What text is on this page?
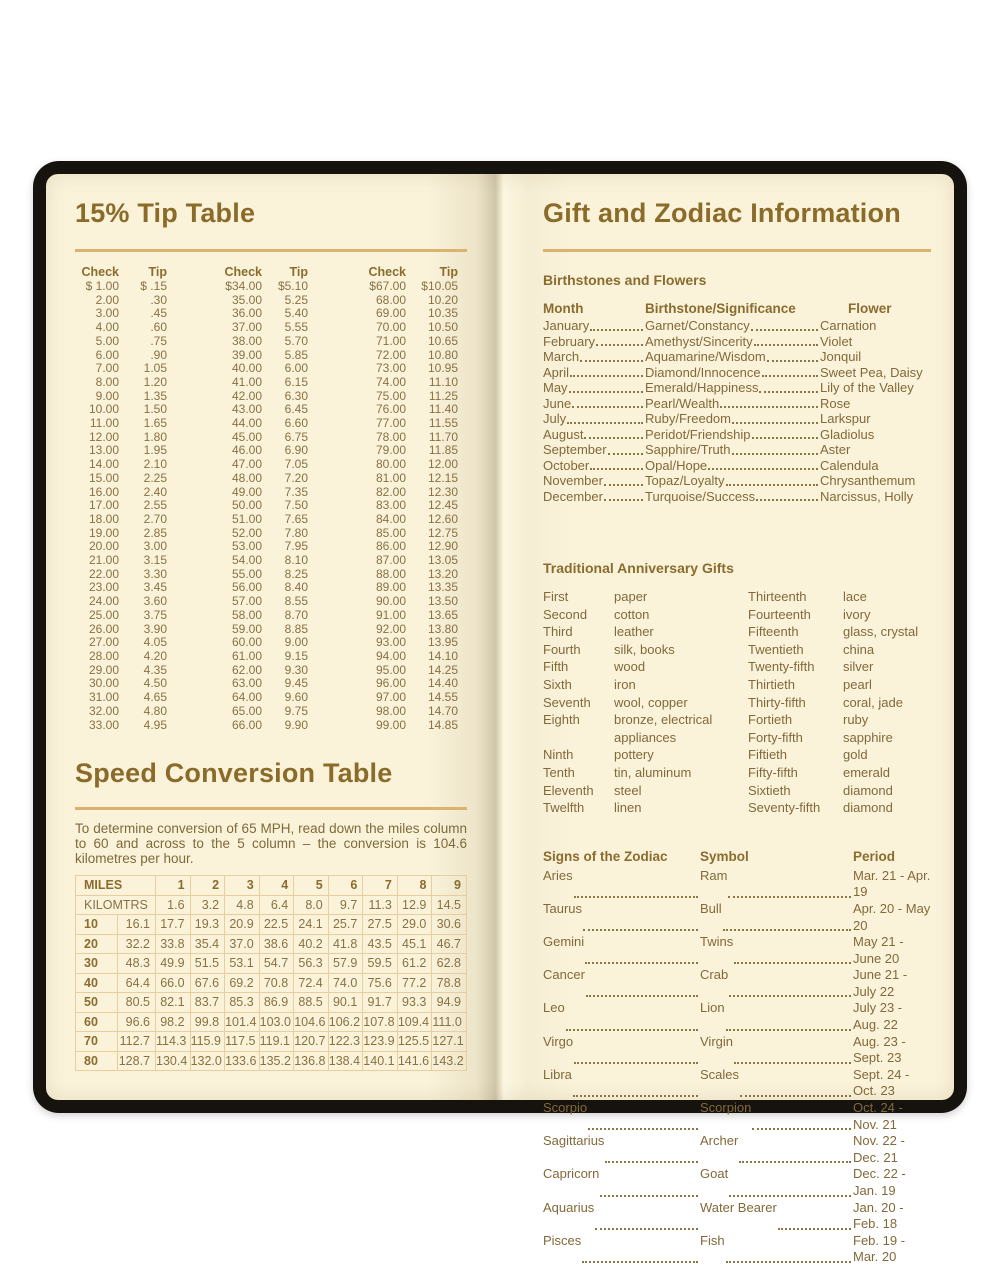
15% Tip Table
Check	Tip	Check	Tip	Check	Tip
$ 1.00	$ .15	$34.00	$5.10	$67.00	$10.05
2.00	.30	35.00	5.25	68.00	10.20
3.00	.45	36.00	5.40	69.00	10.35
4.00	.60	37.00	5.55	70.00	10.50
5.00	.75	38.00	5.70	71.00	10.65
6.00	.90	39.00	5.85	72.00	10.80
7.00	1.05	40.00	6.00	73.00	10.95
8.00	1.20	41.00	6.15	74.00	11.10
9.00	1.35	42.00	6.30	75.00	11.25
10.00	1.50	43.00	6.45	76.00	11.40
11.00	1.65	44.00	6.60	77.00	11.55
12.00	1.80	45.00	6.75	78.00	11.70
13.00	1.95	46.00	6.90	79.00	11.85
14.00	2.10	47.00	7.05	80.00	12.00
15.00	2.25	48.00	7.20	81.00	12.15
16.00	2.40	49.00	7.35	82.00	12.30
17.00	2.55	50.00	7.50	83.00	12.45
18.00	2.70	51.00	7.65	84.00	12.60
19.00	2.85	52.00	7.80	85.00	12.75
20.00	3.00	53.00	7.95	86.00	12.90
21.00	3.15	54.00	8.10	87.00	13.05
22.00	3.30	55.00	8.25	88.00	13.20
23.00	3.45	56.00	8.40	89.00	13.35
24.00	3.60	57.00	8.55	90.00	13.50
25.00	3.75	58.00	8.70	91.00	13.65
26.00	3.90	59.00	8.85	92.00	13.80
27.00	4.05	60.00	9.00	93.00	13.95
28.00	4.20	61.00	9.15	94.00	14.10
29.00	4.35	62.00	9.30	95.00	14.25
30.00	4.50	63.00	9.45	96.00	14.40
31.00	4.65	64.00	9.60	97.00	14.55
32.00	4.80	65.00	9.75	98.00	14.70
33.00	4.95	66.00	9.90	99.00	14.85
Speed Conversion Table

To determine conversion of 65 MPH, read down the miles column to 60 and across to the 5 column – the conversion is 104.6 kilometres per hour.

MILES		1	2	3	4	5	6	7	8	9
KILOMTRS		1.6	3.2	4.8	6.4	8.0	9.7	11.3	12.9	14.5
10	16.1	17.7	19.3	20.9	22.5	24.1	25.7	27.5	29.0	30.6
20	32.2	33.8	35.4	37.0	38.6	40.2	41.8	43.5	45.1	46.7
30	48.3	49.9	51.5	53.1	54.7	56.3	57.9	59.5	61.2	62.8
40	64.4	66.0	67.6	69.2	70.8	72.4	74.0	75.6	77.2	78.8
50	80.5	82.1	83.7	85.3	86.9	88.5	90.1	91.7	93.3	94.9
60	96.6	98.2	99.8	101.4	103.0	104.6	106.2	107.8	109.4	111.0
70	112.7	114.3	115.9	117.5	119.1	120.7	122.3	123.9	125.5	127.1
80	128.7	130.4	132.0	133.6	135.2	136.8	138.4	140.1	141.6	143.2
Gift and Zodiac Information
Birthstones and Flowers
Month	Birthstone/Significance	Flower
January	Garnet/Constancy	Carnation
February	Amethyst/Sincerity	Violet
March	Aquamarine/Wisdom	Jonquil
April	Diamond/Innocence	Sweet Pea, Daisy
May	Emerald/Happiness	Lily of the Valley
June	Pearl/Wealth	Rose
July	Ruby/Freedom	Larkspur
August	Peridot/Friendship	Gladiolus
September	Sapphire/Truth	Aster
October	Opal/Hope	Calendula
November	Topaz/Loyalty	Chrysanthemum
December	Turquoise/Success	Narcissus, Holly
Traditional Anniversary Gifts
First	paper
Second	cotton
Third	leather
Fourth	silk, books
Fifth	wood
Sixth	iron
Seventh	wool, copper
Eighth	bronze, electrical appliances
Ninth	pottery
Tenth	tin, aluminum
Eleventh	steel
Twelfth	linen
Thirteenth	lace
Fourteenth	ivory
Fifteenth	glass, crystal
Twentieth	china
Twenty-fifth	silver
Thirtieth	pearl
Thirty-fifth	coral, jade
Fortieth	ruby
Forty-fifth	sapphire
Fiftieth	gold
Fifty-fifth	emerald
Sixtieth	diamond
Seventy-fifth	diamond
Signs of the Zodiac	Symbol	Period
Aries	Ram	Mar. 21 - Apr. 19
Taurus	Bull	Apr. 20 - May 20
Gemini	Twins	May 21 - June 20
Cancer	Crab	June 21 - July 22
Leo	Lion	July 23 - Aug. 22
Virgo	Virgin	Aug. 23 - Sept. 23
Libra	Scales	Sept. 24 - Oct. 23
Scorpio	Scorpion	Oct. 24 - Nov. 21
Sagittarius	Archer	Nov. 22 - Dec. 21
Capricorn	Goat	Dec. 22 - Jan. 19
Aquarius	Water Bearer	Jan. 20 - Feb. 18
Pisces	Fish	Feb. 19 - Mar. 20
